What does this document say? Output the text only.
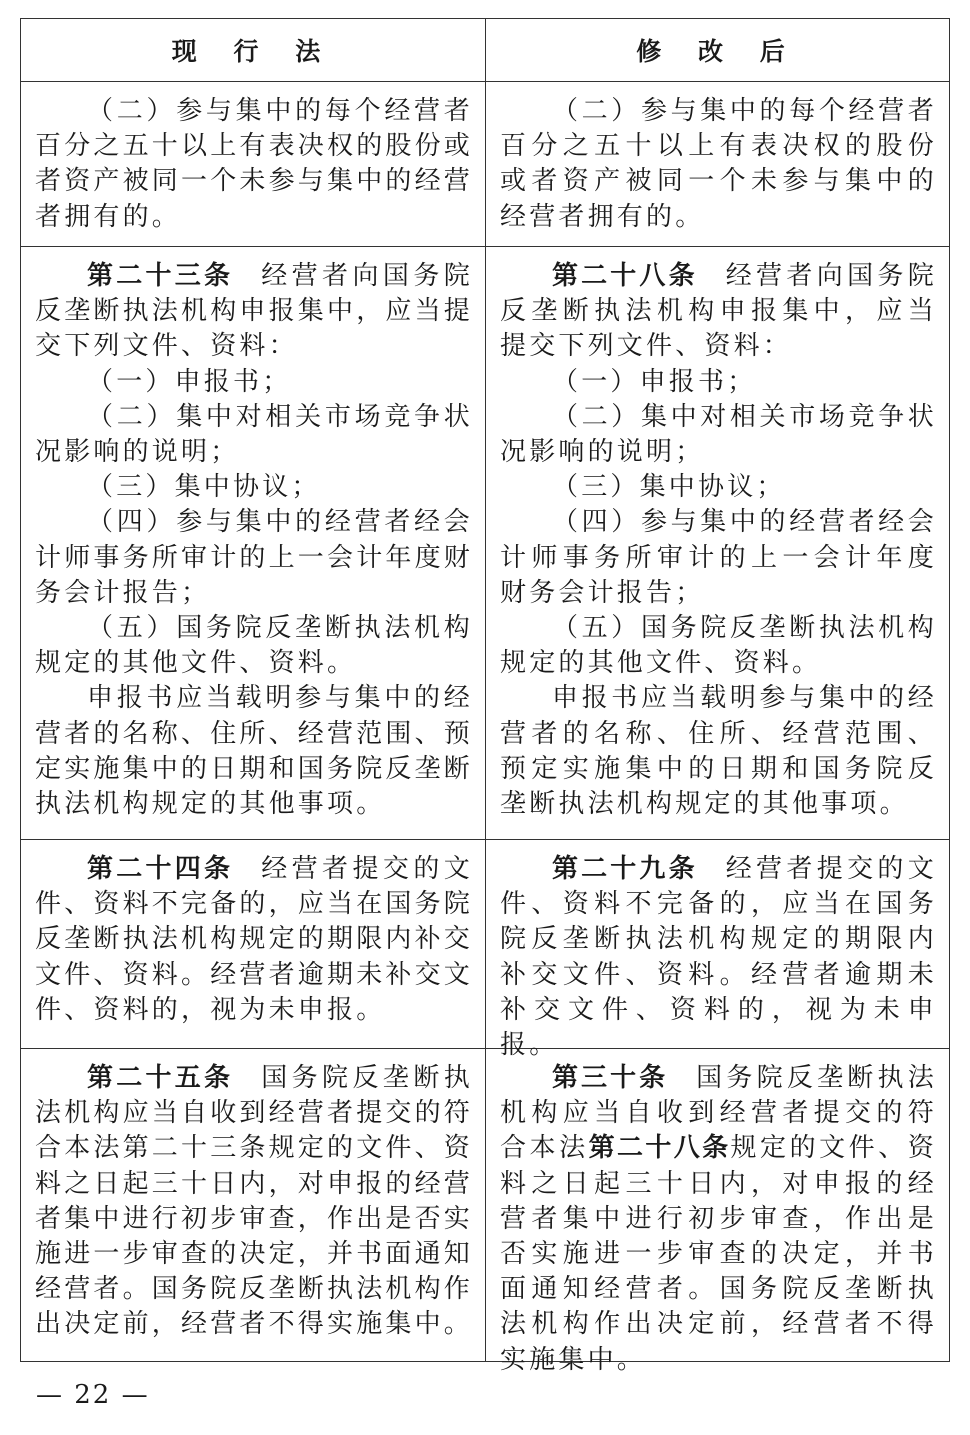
现 行 法	修 改 后

（二）参与集中的每个经营者百分之五十以上有表决权的股份或者资产被同一个未参与集中的经营者拥有的。

（二）参与集中的每个经营者百分之五十以上有表决权的股份或者资产被同一个未参与集中的经营者拥有的。

第二十三条 经营者向国务院反垄断执法机构申报集中，应当提交下列文件、资料：

（一）申报书；

（二）集中对相关市场竞争状况影响的说明；

（三）集中协议；

（四）参与集中的经营者经会计师事务所审计的上一会计年度财务会计报告；

（五）国务院反垄断执法机构规定的其他文件、资料。

申报书应当载明参与集中的经营者的名称、住所、经营范围、预定实施集中的日期和国务院反垄断执法机构规定的其他事项。

第二十八条 经营者向国务院反垄断执法机构申报集中，应当提交下列文件、资料：

（一）申报书；

（二）集中对相关市场竞争状况影响的说明；

（三）集中协议；

（四）参与集中的经营者经会计师事务所审计的上一会计年度财务会计报告；

（五）国务院反垄断执法机构规定的其他文件、资料。

申报书应当载明参与集中的经营者的名称、住所、经营范围、预定实施集中的日期和国务院反垄断执法机构规定的其他事项。

第二十四条 经营者提交的文件、资料不完备的，应当在国务院反垄断执法机构规定的期限内补交文件、资料。经营者逾期未补交文件、资料的，视为未申报。

第二十九条 经营者提交的文件、资料不完备的，应当在国务院反垄断执法机构规定的期限内补交文件、资料。经营者逾期未补交文件、资料的，视为未申报。

第二十五条 国务院反垄断执法机构应当自收到经营者提交的符合本法第二十三条规定的文件、资料之日起三十日内，对申报的经营者集中进行初步审查，作出是否实施进一步审查的决定，并书面通知经营者。国务院反垄断执法机构作出决定前，经营者不得实施集中。

第三十条 国务院反垄断执法机构应当自收到经营者提交的符合本法第二十八条规定的文件、资料之日起三十日内，对申报的经营者集中进行初步审查，作出是否实施进一步审查的决定，并书面通知经营者。国务院反垄断执法机构作出决定前，经营者不得实施集中。

— 22 —
